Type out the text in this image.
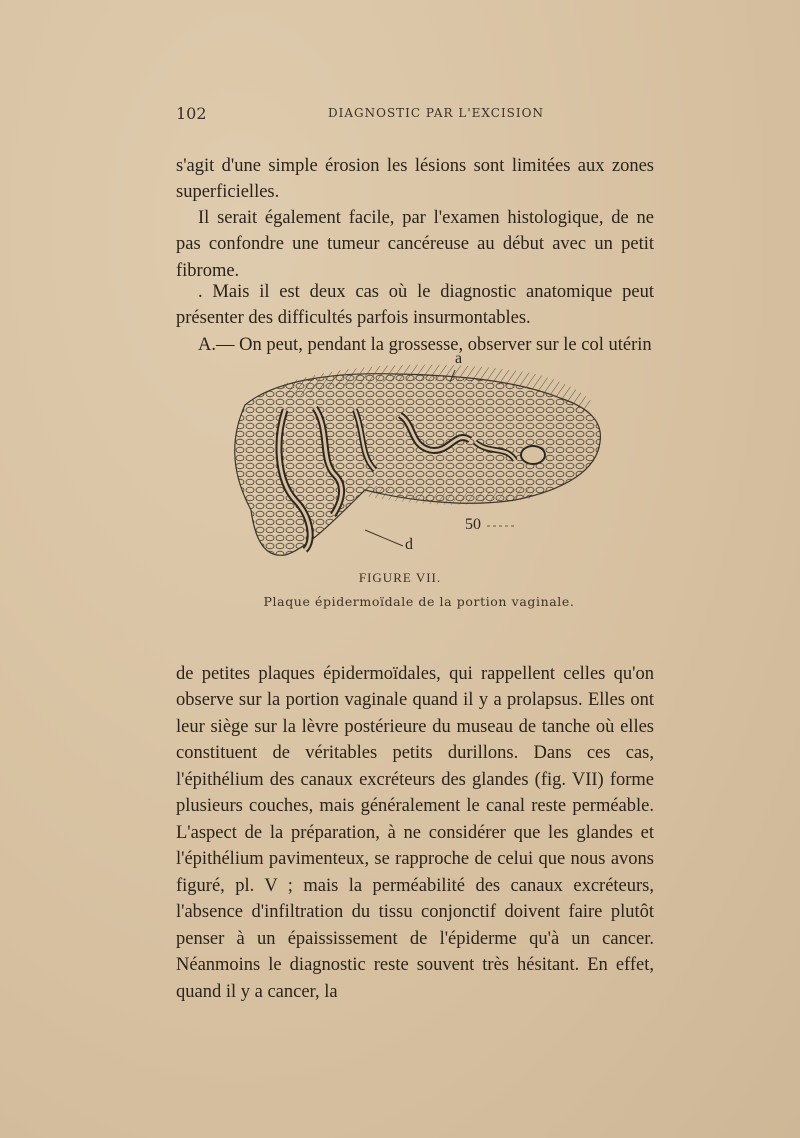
102	DIAGNOSTIC PAR L'EXCISION

s'agit d'une simple érosion les lésions sont limitées aux zones superficielles.

Il serait également facile, par l'examen histologique, de ne pas confondre une tumeur cancéreuse au début avec un petit fibrome.

. Mais il est deux cas où le diagnostic anatomique peut présenter des difficultés parfois insurmontables.

A.— On peut, pendant la grossesse, observer sur le col utérin

a
d
50
FIGURE VII.
Plaque épidermoïdale de la portion vaginale.

de petites plaques épidermoïdales, qui rappellent celles qu'on observe sur la portion vaginale quand il y a prolapsus. Elles ont leur siège sur la lèvre postérieure du museau de tanche où elles constituent de véritables petits durillons. Dans ces cas, l'épithélium des canaux excréteurs des glandes (fig. VII) forme plusieurs couches, mais généralement le canal reste perméable. L'aspect de la préparation, à ne considérer que les glandes et l'épithélium pavimenteux, se rapproche de celui que nous avons figuré, pl. V ; mais la perméabilité des canaux excréteurs, l'absence d'infiltration du tissu conjonctif doivent faire plutôt penser à un épaississement de l'épiderme qu'à un cancer. Néanmoins le diagnostic reste souvent très hésitant. En effet, quand il y a cancer, la
